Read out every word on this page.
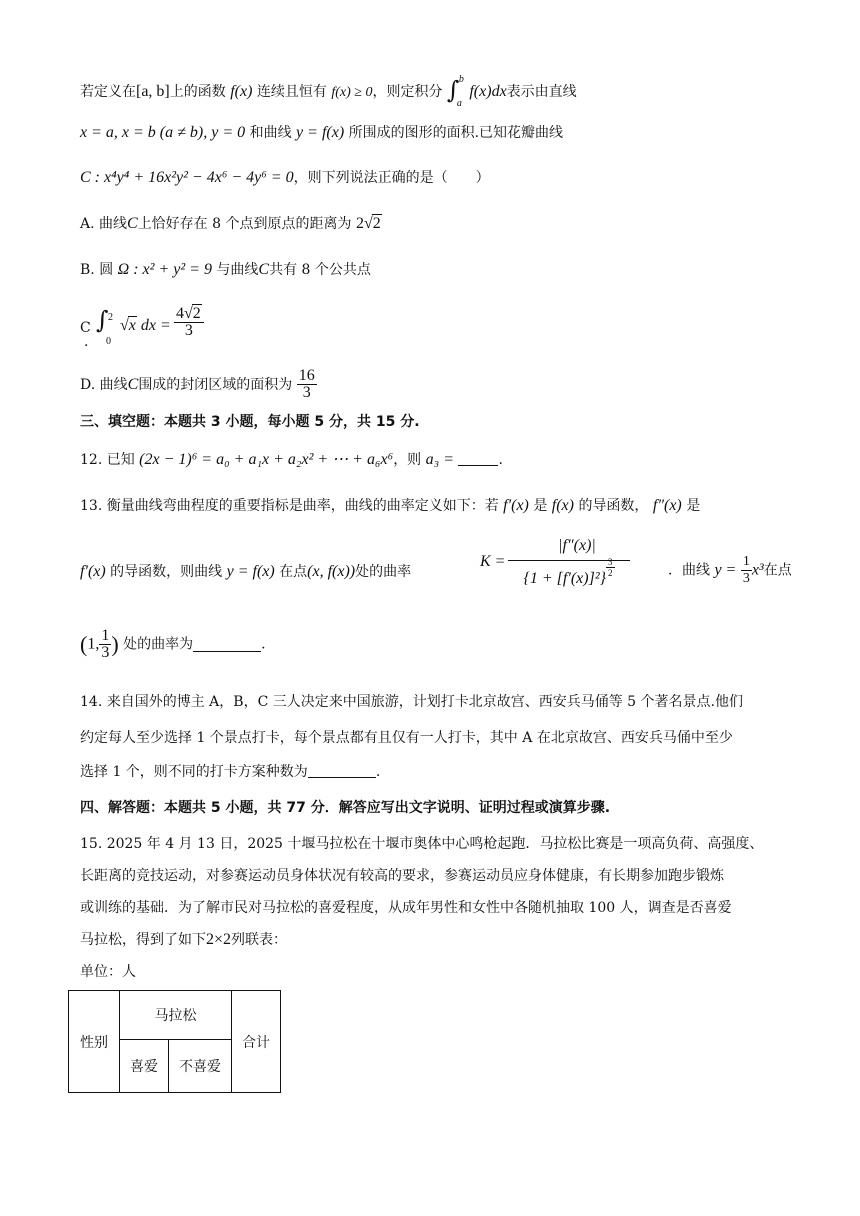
若定义在[a, b]上的函数 f(x) 连续且恒有 f(x) ≥ 0，则定积分 ∫ b
a
f(x)dx表示由直线
x = a, x = b (a ≠ b), y = 0 和曲线 y = f(x) 所围成的图形的面积.已知花瓣曲线
C : x⁴y⁴ + 16x²y² − 4x⁶ − 4y⁶ = 0，则下列说法正确的是（　　）
A. 曲线C上恰好存在 8 个点到原点的距离为 2√2
B. 圆 Ω : x² + y² = 9 与曲线C共有 8 个公共点
C
.
∫ 2
0
√x dx = $\frac{4√2}{3}$
D. 曲线C围成的封闭区域的面积为 $\frac{16}{3}$
三、填空题：本题共 3 小题，每小题 5 分，共 15 分.
12. 已知 (2x − 1)⁶ = a₀ + a₁x + a₂x² + ⋯ + a₆x⁶，则 a₃ =	.
13. 衡量曲线弯曲程度的重要指标是曲率，曲线的曲率定义如下：若 f′(x) 是 f(x) 的导函数， f″(x) 是
f′(x) 的导函数，则曲线 y = f(x) 在点(x, f(x))处的曲率
K = |f″(x)|
{1 + [f′(x)]²}
$\frac{3}{2}$	．曲线 $y = \frac{1}{3} x^3$在点
(1, $\frac{1}{3}$ ) 处的曲率为	.
14. 来自国外的博主 A，B，C 三人决定来中国旅游，计划打卡北京故宫、西安兵马俑等 5 个著名景点.他们
约定每人至少选择 1 个景点打卡，每个景点都有且仅有一人打卡，其中 A 在北京故宫、西安兵马俑中至少
选择 1 个，则不同的打卡方案种数为	.
四、解答题：本题共 5 小题，共 77 分．解答应写出文字说明、证明过程或演算步骤.
15. 2025 年 4 月 13 日，2025 十堰马拉松在十堰市奥体中心鸣枪起跑．马拉松比赛是一项高负荷、高强度、
长距离的竞技运动，对参赛运动员身体状况有较高的要求，参赛运动员应身体健康，有长期参加跑步锻炼
或训练的基础．为了解市民对马拉松的喜爱程度，从成年男性和女性中各随机抽取 100 人，调查是否喜爱
马拉松，得到了如下2×2列联表：
单位：人
性别	马拉松		合计
	喜爱	不喜爱	
